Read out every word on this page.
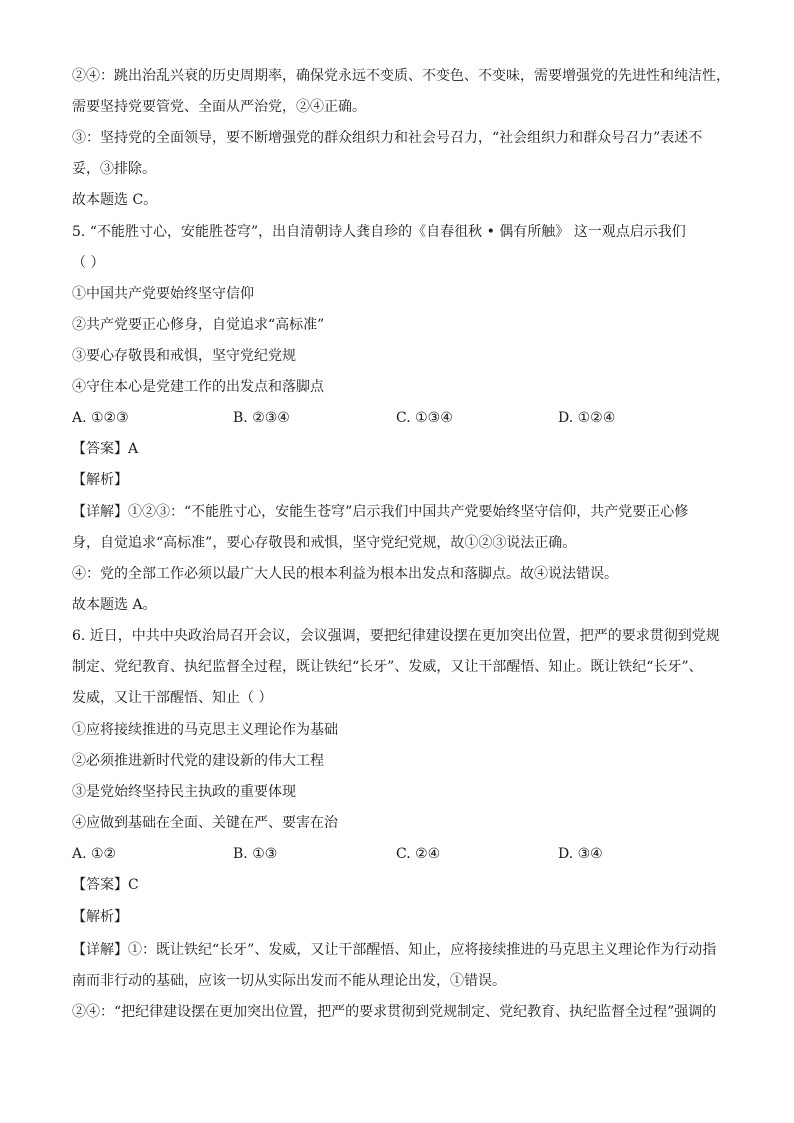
②④：跳出治乱兴衰的历史周期率，确保党永远不变质、不变色、不变味，需要增强党的先进性和纯洁性，
需要坚持党要管党、全面从严治党，②④正确。
③：坚持党的全面领导，要不断增强党的群众组织力和社会号召力，“社会组织力和群众号召力”表述不
妥，③排除。
故本题选 C。
5. “不能胜寸心，安能胜苍穹”，出自清朝诗人龚自珍的《自春徂秋 • 偶有所触》 这一观点启示我们
（ ）
①中国共产党要始终坚守信仰
②共产党要正心修身，自觉追求“高标准”
③要心存敬畏和戒惧，坚守党纪党规
④守住本心是党建工作的出发点和落脚点
A. ①②③	B. ②③④	C. ①③④	D. ①②④
【答案】A
【解析】
【详解】①②③：“不能胜寸心，安能生苍穹”启示我们中国共产党要始终坚守信仰，共产党要正心修
身，自觉追求“高标准”，要心存敬畏和戒惧，坚守党纪党规，故①②③说法正确。
④：党的全部工作必须以最广大人民的根本利益为根本出发点和落脚点。故④说法错误。
故本题选 A。
6. 近日，中共中央政治局召开会议，会议强调，要把纪律建设摆在更加突出位置，把严的要求贯彻到党规
制定、党纪教育、执纪监督全过程，既让铁纪“长牙”、发威，又让干部醒悟、知止。既让铁纪“长牙”、
发威，又让干部醒悟、知止（ ）
①应将接续推进的马克思主义理论作为基础
②必须推进新时代党的建设新的伟大工程
③是党始终坚持民主执政的重要体现
④应做到基础在全面、关键在严、要害在治
A. ①②	B. ①③	C. ②④	D. ③④
【答案】C
【解析】
【详解】①：既让铁纪“长牙”、发威，又让干部醒悟、知止，应将接续推进的马克思主义理论作为行动指
南而非行动的基础，应该一切从实际出发而不能从理论出发，①错误。
②④：“把纪律建设摆在更加突出位置，把严的要求贯彻到党规制定、党纪教育、执纪监督全过程”强调的
